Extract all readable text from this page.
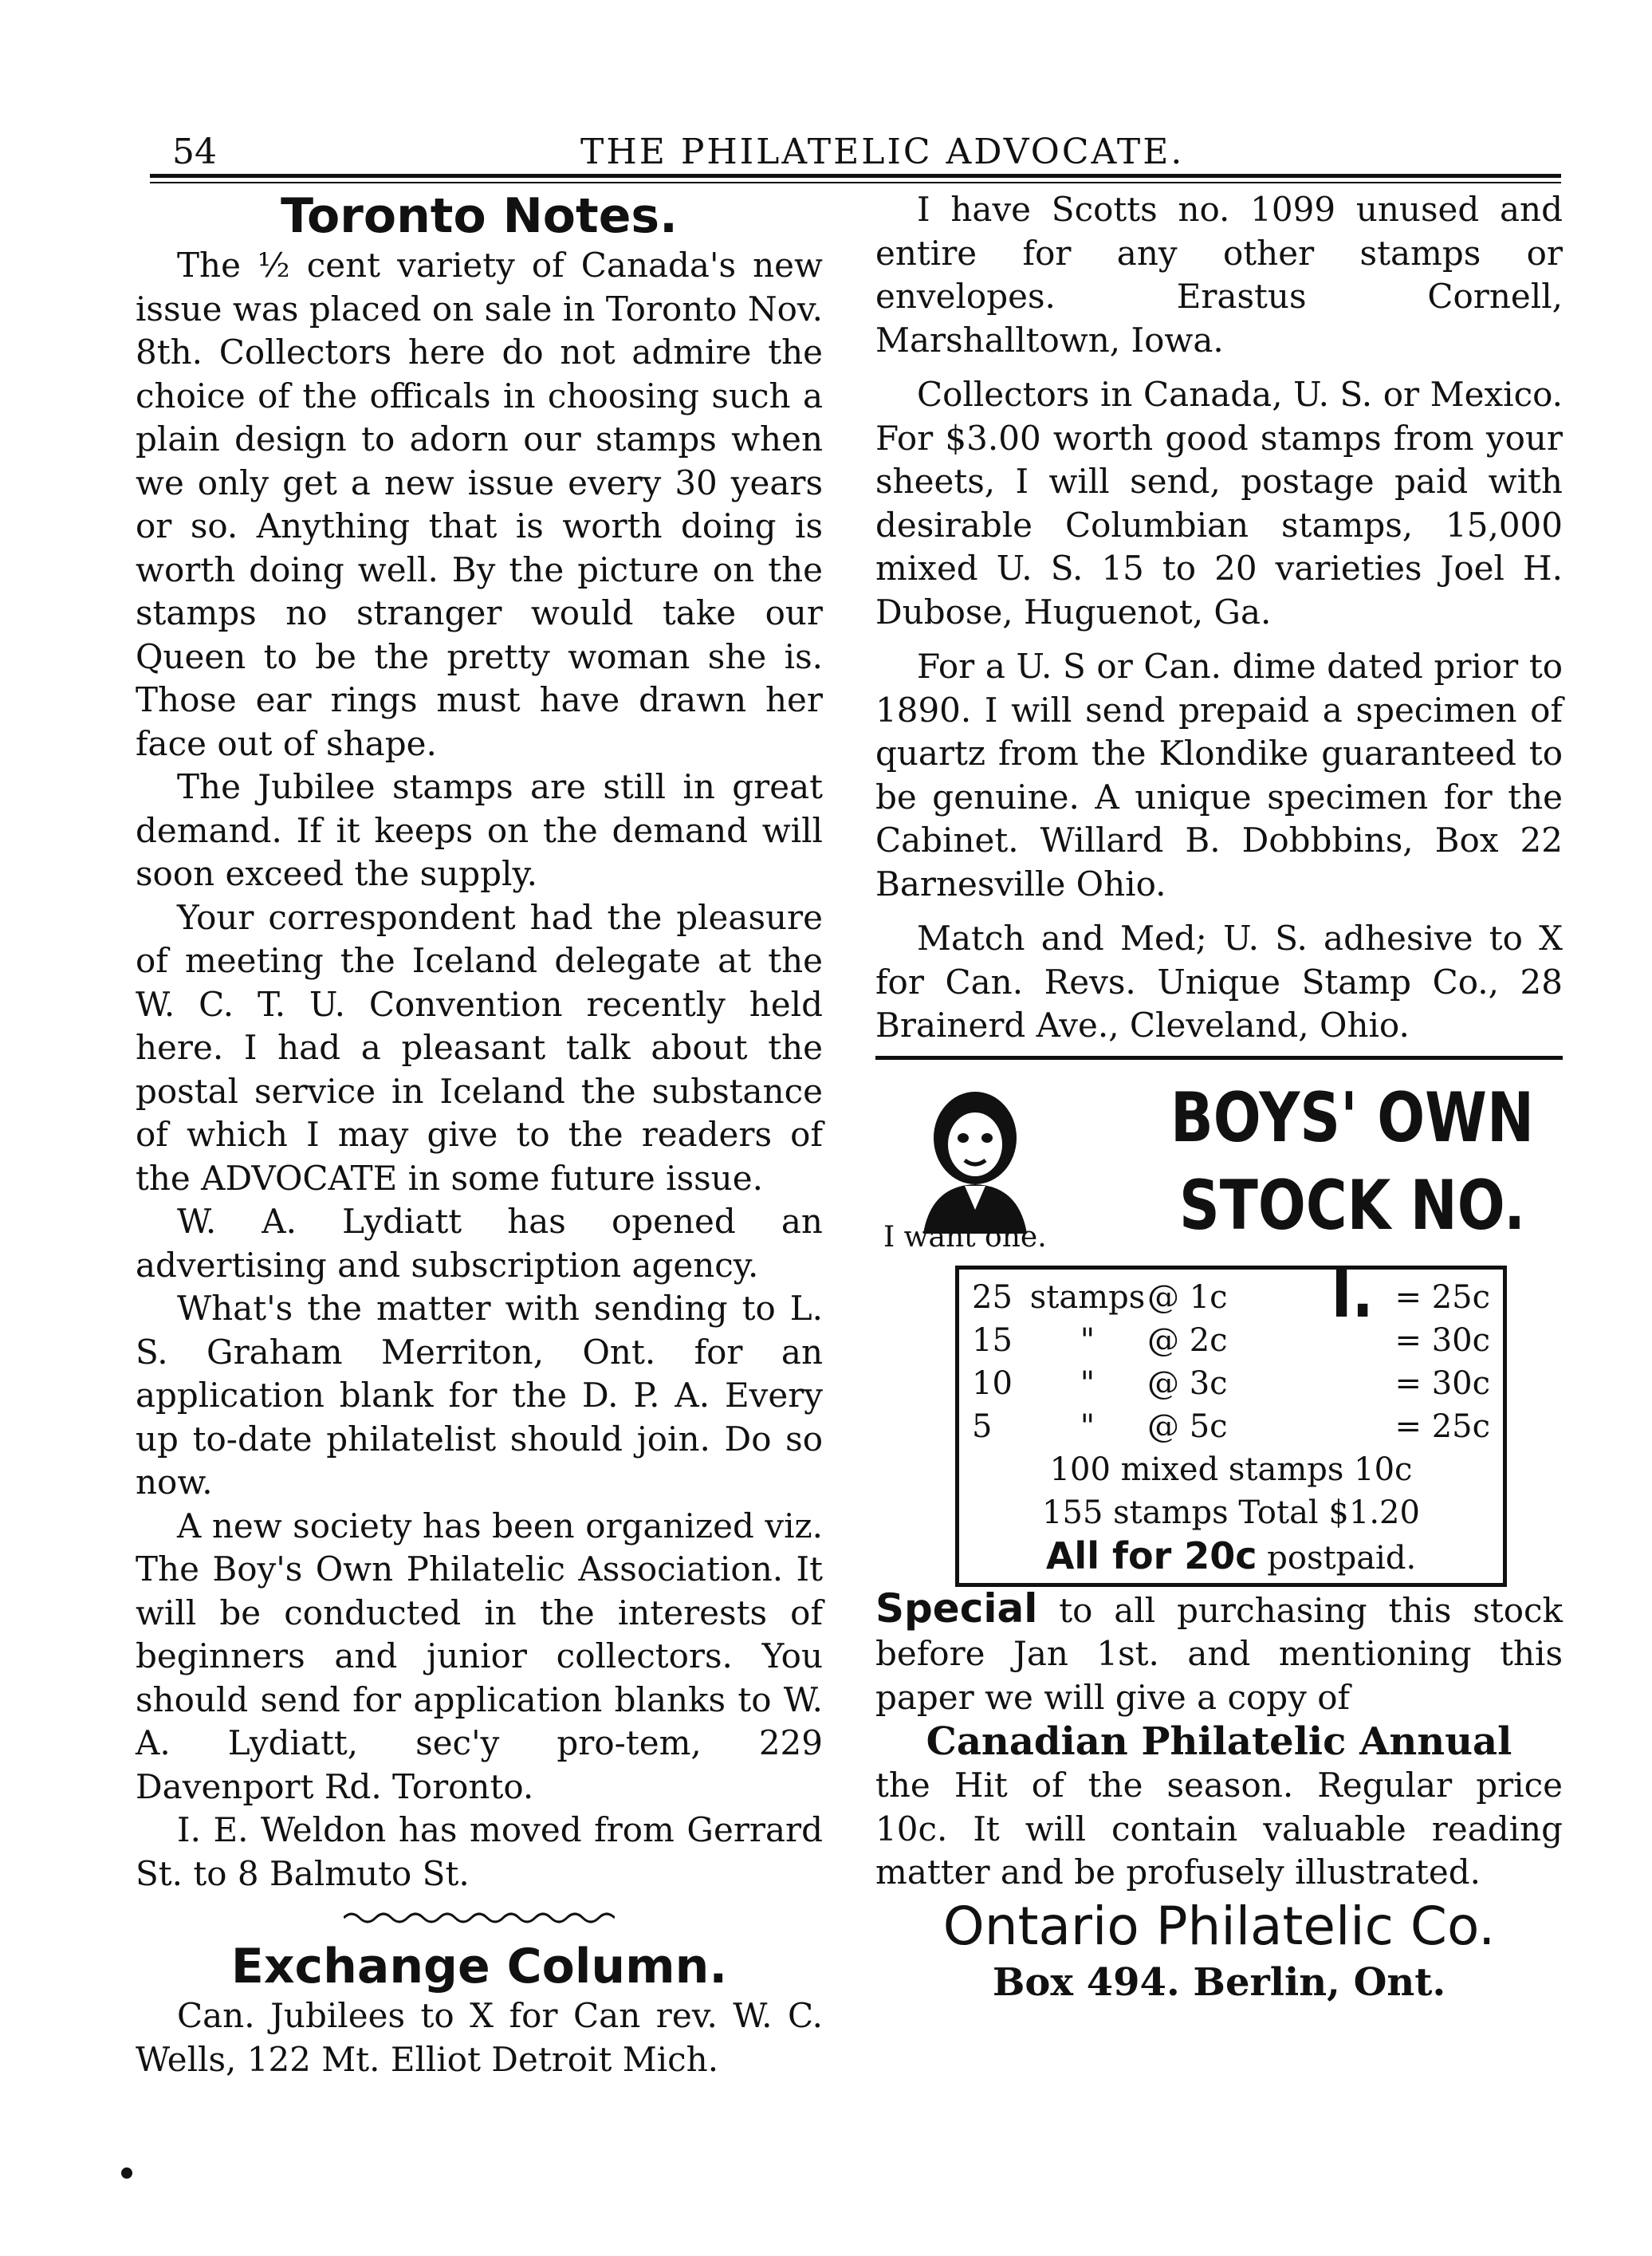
54	THE PHILATELIC ADVOCATE.

Toronto Notes.

The ½ cent variety of Canada's new issue was placed on sale in Toronto Nov. 8th. Collectors here do not admire the choice of the officals in choosing such a plain design to adorn our stamps when we only get a new issue every 30 years or so. Anything that is worth doing is worth doing well. By the picture on the stamps no stranger would take our Queen to be the pretty woman she is. Those ear rings must have drawn her face out of shape.

The Jubilee stamps are still in great demand. If it keeps on the demand will soon exceed the supply.

Your correspondent had the pleasure of meeting the Iceland delegate at the W. C. T. U. Convention recently held here. I had a pleasant talk about the postal service in Iceland the substance of which I may give to the readers of the ADVOCATE in some future issue.

W. A. Lydiatt has opened an advertising and subscription agency.

What's the matter with sending to L. S. Graham Merriton, Ont. for an application blank for the D. P. A. Every up to-date philatelist should join. Do so now.

A new society has been organized viz. The Boy's Own Philatelic Association. It will be conducted in the interests of beginners and junior collectors. You should send for application blanks to W. A. Lydiatt, sec'y pro-tem, 229 Davenport Rd. Toronto.

I. E. Weldon has moved from Gerrard St. to 8 Balmuto St.

Exchange Column.

Can. Jubilees to X for Can rev. W. C. Wells, 122 Mt. Elliot Detroit Mich.

I have Scotts no. 1099 unused and entire for any other stamps or envelopes. Erastus Cornell, Marshalltown, Iowa.

Collectors in Canada, U. S. or Mexico. For $3.00 worth good stamps from your sheets, I will send, postage paid with desirable Columbian stamps, 15,000 mixed U. S. 15 to 20 varieties Joel H. Dubose, Huguenot, Ga.

For a U. S or Can. dime dated prior to 1890. I will send prepaid a specimen of quartz from the Klondike guaranteed to be genuine. A unique specimen for the Cabinet. Willard B. Dobbbins, Box 22 Barnesville Ohio.

Match and Med; U. S. adhesive to X for Can. Revs. Unique Stamp Co., 28 Brainerd Ave., Cleveland, Ohio.

BOYS' OWN
STOCK NO. I.
I want one.
25	stamps	@ 1c	= 25c
15	"	@ 2c	= 30c
10	"	@ 3c	= 30c
5	"	@ 5c	= 25c
100 mixed stamps 10c			
155 stamps Total $1.20			
All for 20c postpaid.			

Special to all purchasing this stock before Jan 1st. and mentioning this paper we will give a copy of

Canadian Philatelic Annual

the Hit of the season. Regular price 10c. It will contain valuable reading matter and be profusely illustrated.

Ontario Philatelic Co.

Box 494. Berlin, Ont.
